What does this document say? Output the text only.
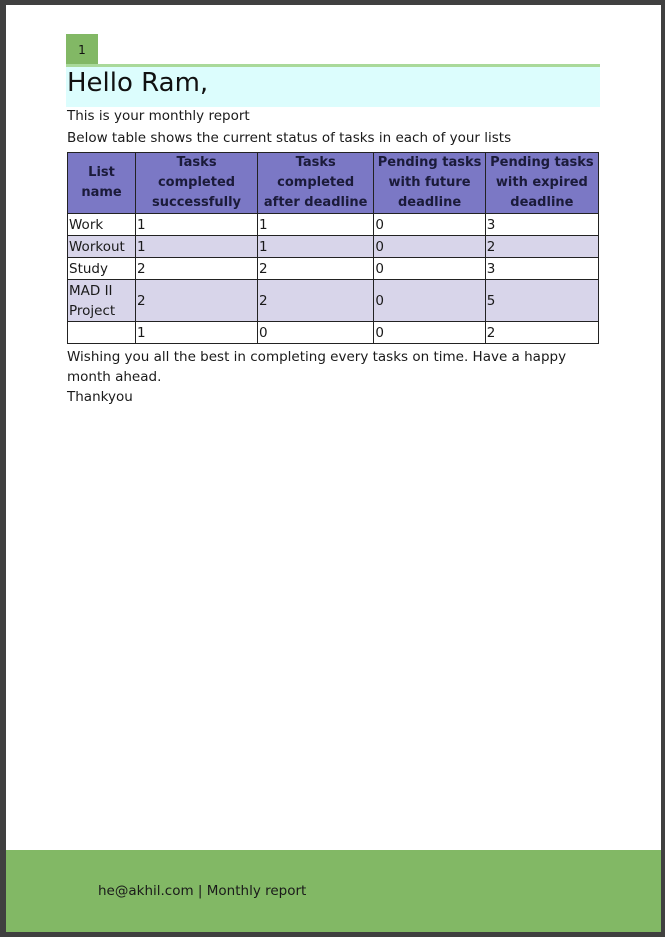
1
Hello Ram,

This is your monthly report

Below table shows the current status of tasks in each of your lists

List name	Tasks completed successfully	Tasks completed after deadline	Pending tasks with future deadline	Pending tasks with expired deadline
Work	1	1	0	3
Workout	1	1	0	2
Study	2	2	0	3
MAD II Project	2	2	0	5
	1	0	0	2

Wishing you all the best in completing every tasks on time. Have a happy month ahead.

Thankyou

he@akhil.com | Monthly report
